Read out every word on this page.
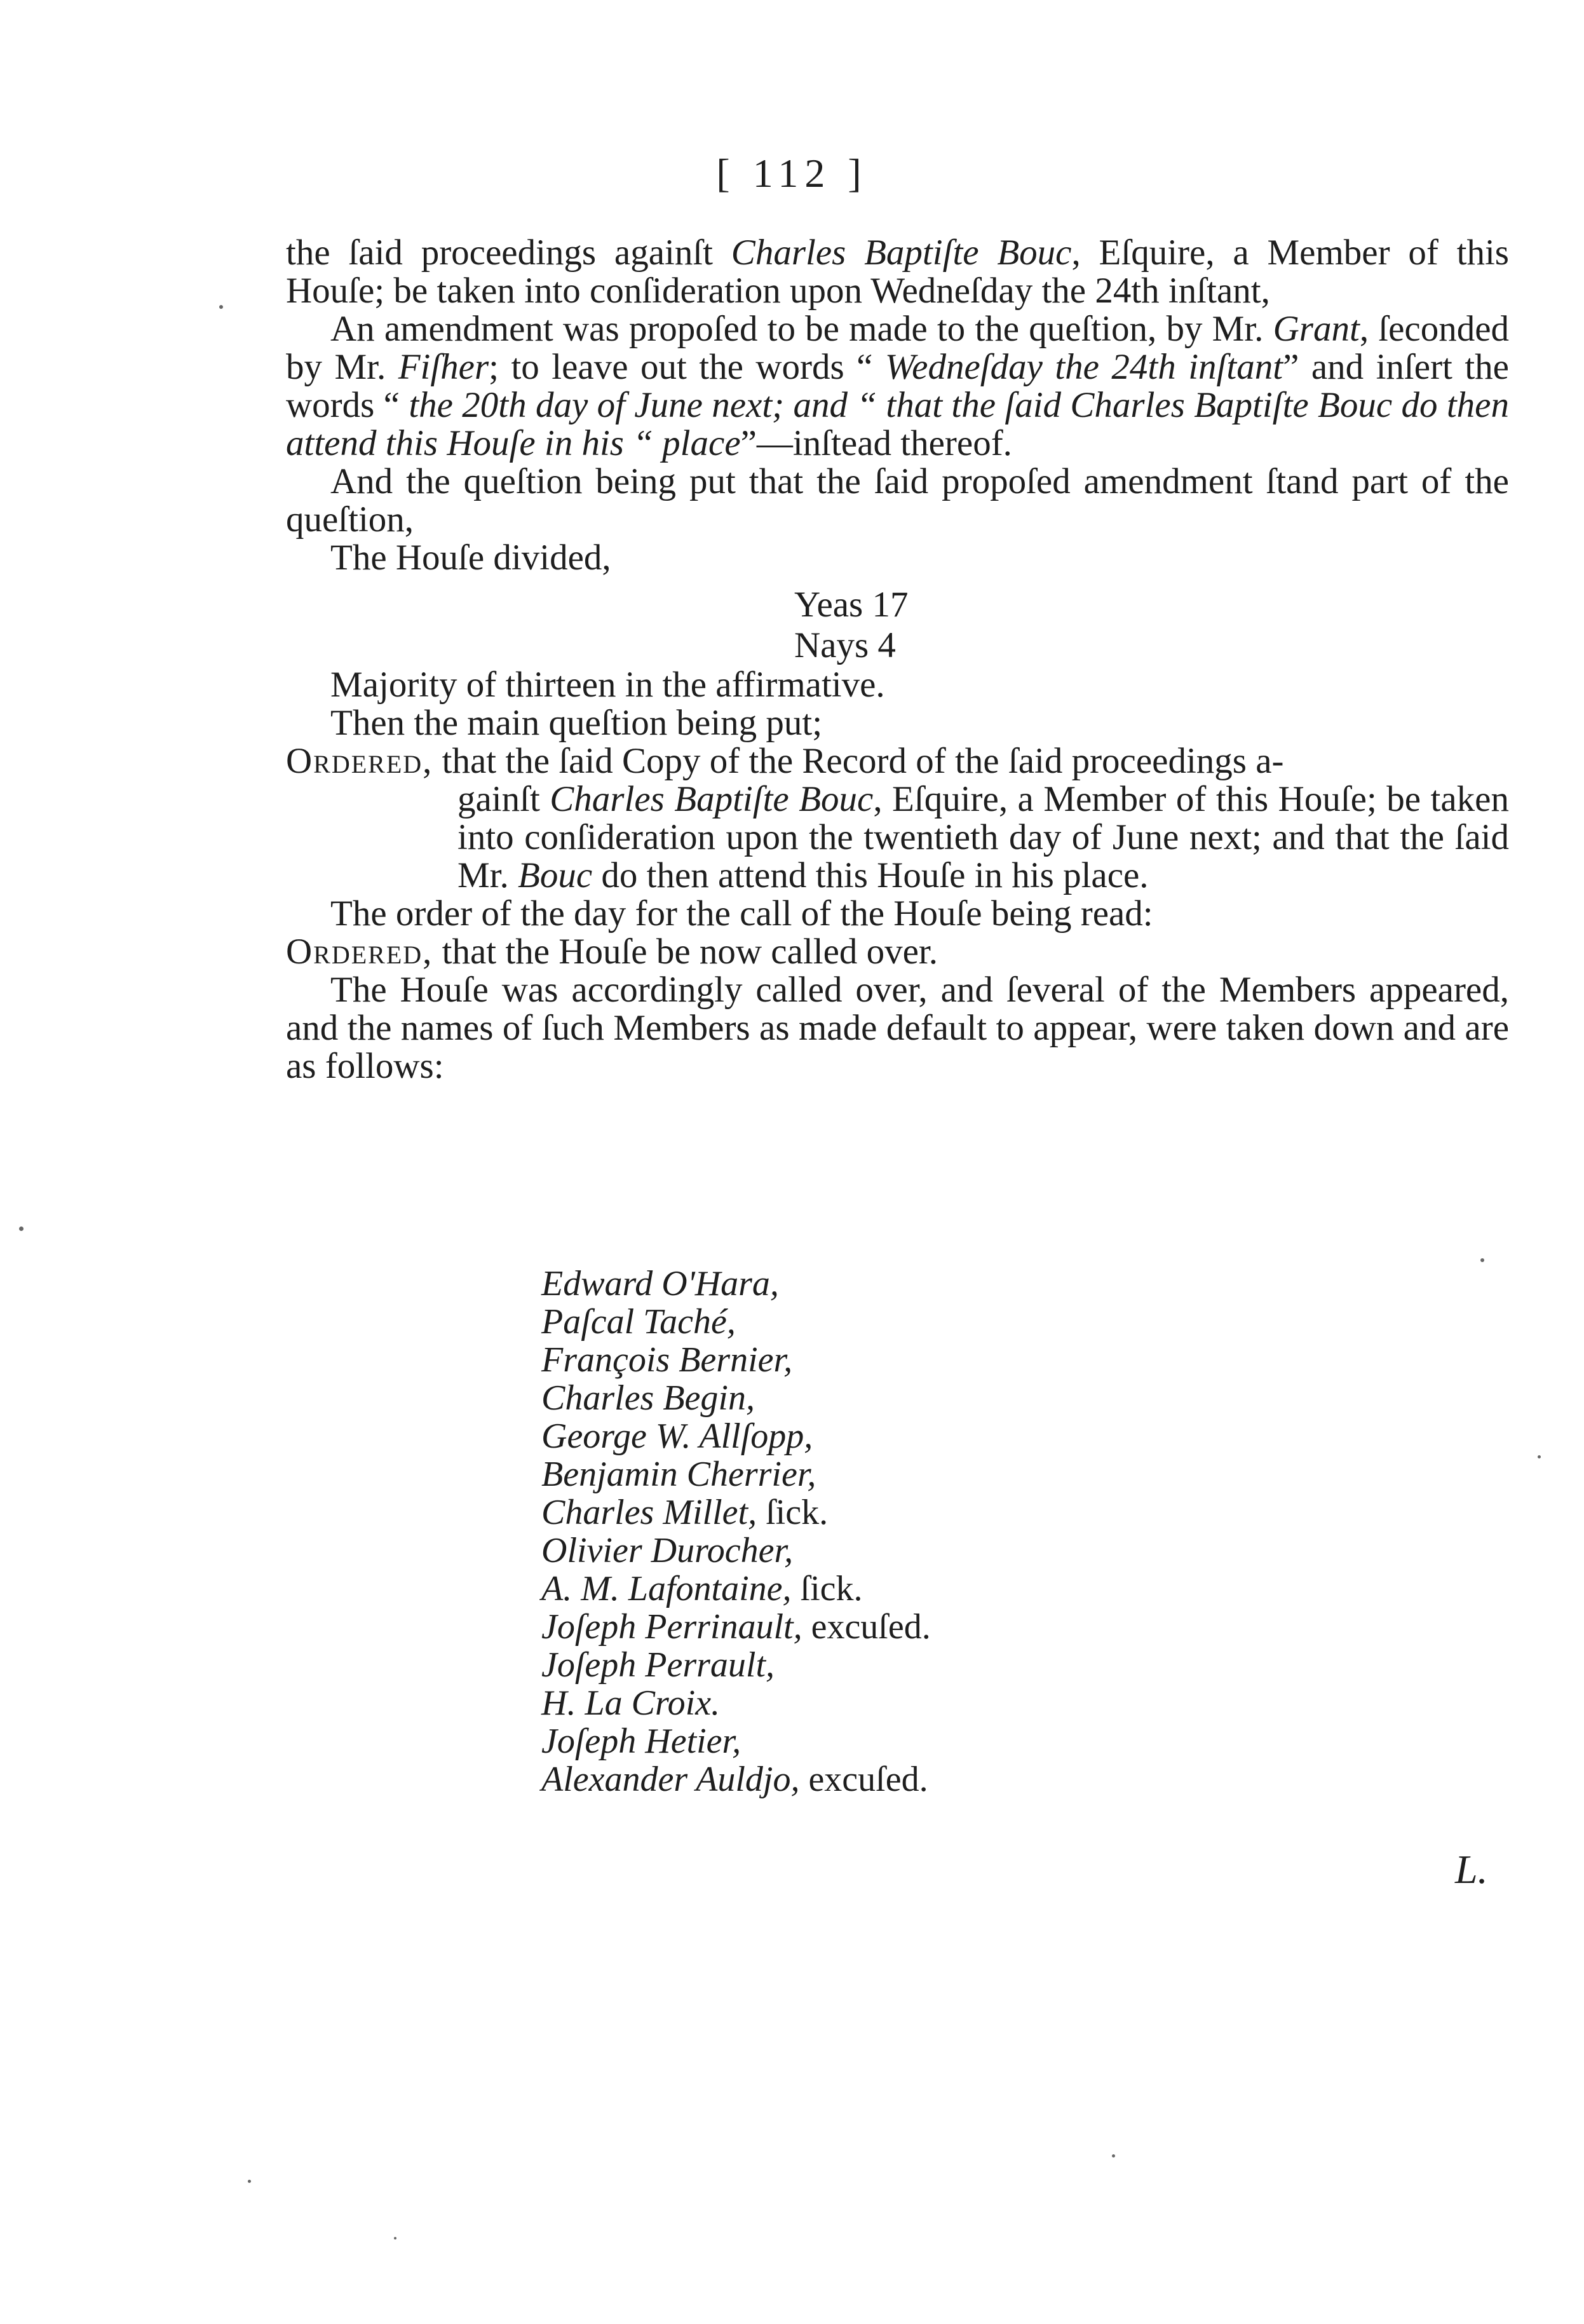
[ 112 ]

the ſaid proceedings againſt Charles Baptiſte Bouc, Eſquire, a Member of this Houſe; be taken into conſideration upon Wedneſday the 24th inſtant,

An amendment was propoſed to be made to the queſtion, by Mr. Grant, ſeconded by Mr. Fiſher; to leave out the words “ Wedneſday the 24th inſtant” and inſert the words “ the 20th day of June next; and “ that the ſaid Charles Baptiſte Bouc do then attend this Houſe in his “ place”—inſtead thereof.

And the queſtion being put that the ſaid propoſed amendment ſtand part of the queſtion,

The Houſe divided,

Yeas 17
Nays 4

Majority of thirteen in the affirmative.

Then the main queſtion being put;

Ordered, that the ſaid Copy of the Record of the ſaid proceedings a-
gainſt Charles Baptiſte Bouc, Eſquire, a Member of this Houſe; be taken into conſideration upon the twentieth day of June next; and that the ſaid Mr. Bouc do then attend this Houſe in his place.

The order of the day for the call of the Houſe being read:

Ordered, that the Houſe be now called over.

The Houſe was accordingly called over, and ſeveral of the Members appeared, and the names of ſuch Members as made default to appear, were taken down and are as follows:

Edward O'Hara,
Paſcal Taché,
François Bernier,
Charles Begin,
George W. Allſopp,
Benjamin Cherrier,
Charles Millet, ſick.
Olivier Durocher,
A. M. Lafontaine, ſick.
Joſeph Perrinault, excuſed.
Joſeph Perrault,
H. La Croix.
Joſeph Hetier,
Alexander Auldjo, excuſed.
L.
